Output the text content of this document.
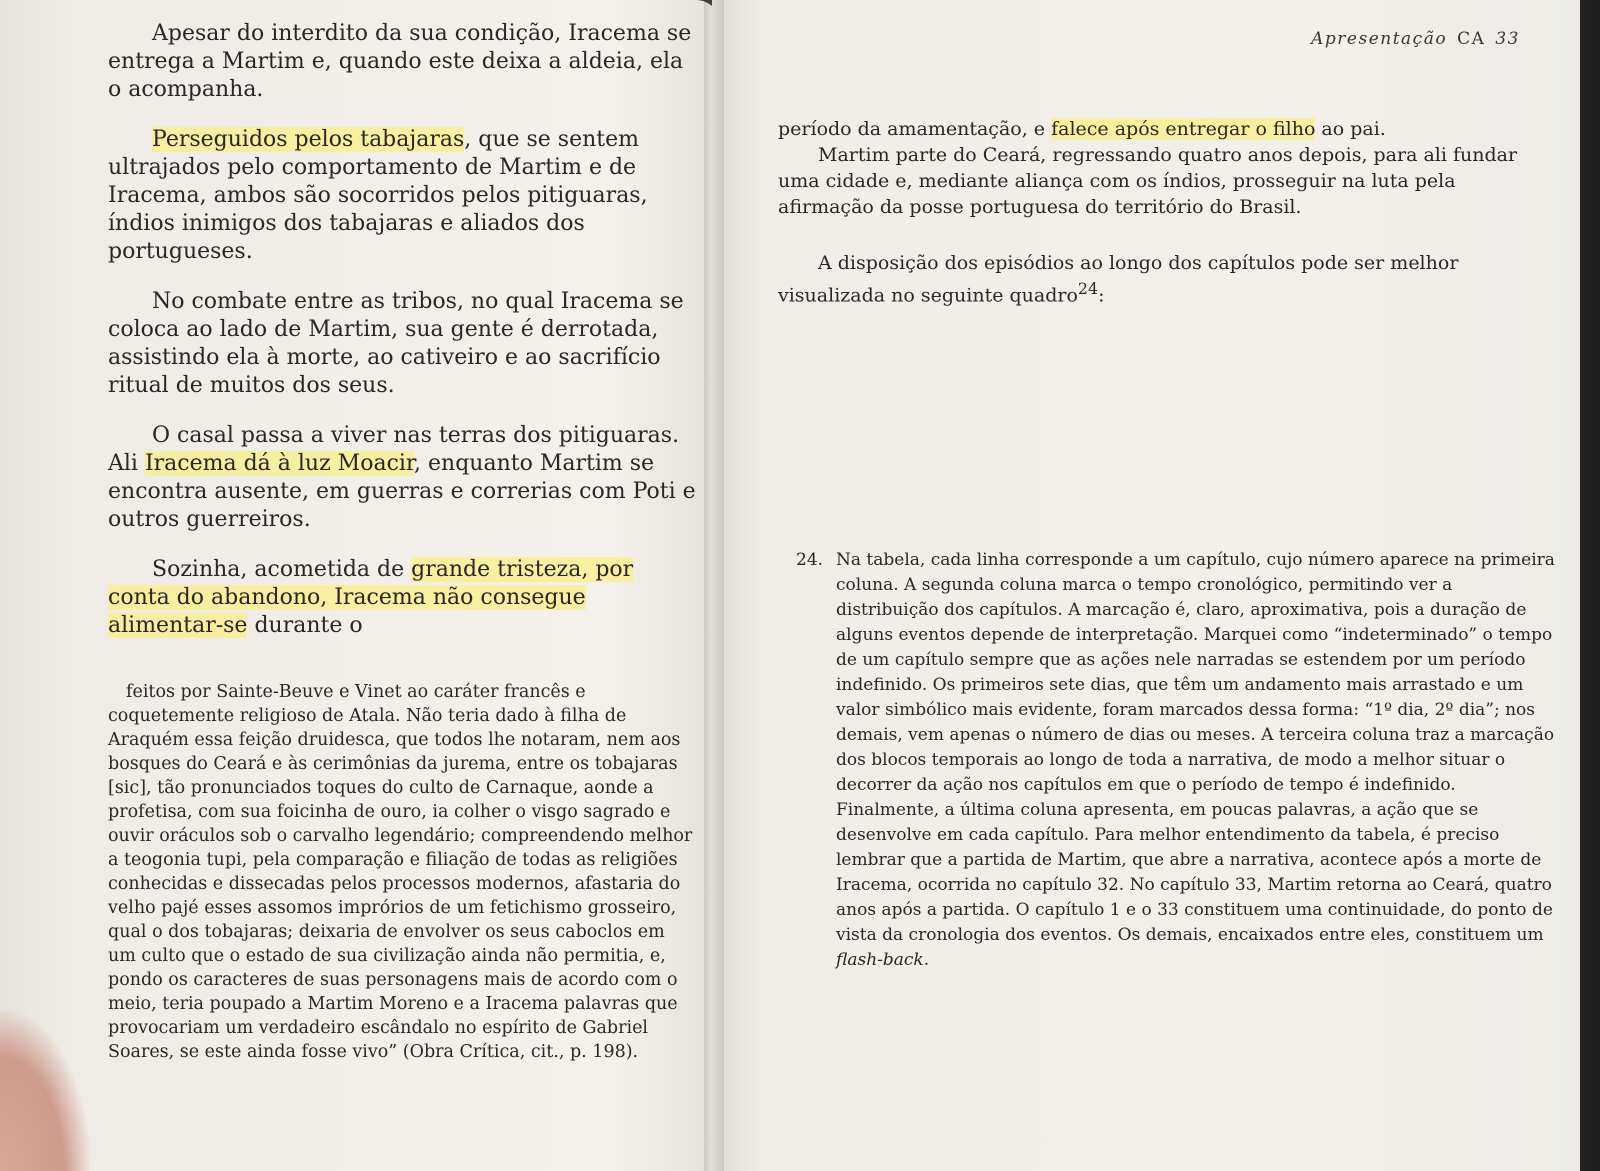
Apesar do interdito da sua condição, Iracema se entrega a Martim e, quando este deixa a aldeia, ela o acompanha.

Perseguidos pelos tabajaras, que se sentem ultrajados pelo comportamento de Martim e de Iracema, ambos são socorridos pelos pitiguaras, índios inimigos dos tabajaras e aliados dos portugueses.

No combate entre as tribos, no qual Iracema se coloca ao lado de Martim, sua gente é derrotada, assistindo ela à morte, ao cativeiro e ao sacrifício ritual de muitos dos seus.

O casal passa a viver nas terras dos pitiguaras. Ali Iracema dá à luz Moacir, enquanto Martim se encontra ausente, em guerras e correrias com Poti e outros guerreiros.

Sozinha, acometida de grande tristeza, por conta do abandono, Iracema não consegue alimentar-se durante o

feitos por Sainte-Beuve e Vinet ao caráter francês e coquetemente religioso de Atala. Não teria dado à filha de Araquém essa feição druidesca, que todos lhe notaram, nem aos bosques do Ceará e às cerimônias da jurema, entre os tobajaras [sic], tão pronunciados toques do culto de Carnaque, aonde a profetisa, com sua foicinha de ouro, ia colher o visgo sagrado e ouvir oráculos sob o carvalho legendário; compreendendo melhor a teogonia tupi, pela comparação e filiação de todas as religiões conhecidas e dissecadas pelos processos modernos, afastaria do velho pajé esses assomos imprórios de um fetichismo grosseiro, qual o dos tobajaras; deixaria de envolver os seus caboclos em um culto que o estado de sua civilização ainda não permitia, e, pondo os caracteres de suas personagens mais de acordo com o meio, teria poupado a Martim Moreno e a Iracema palavras que provocariam um verdadeiro escândalo no espírito de Gabriel Soares, se este ainda fosse vivo” (Obra Crítica, cit., p. 198).

Apresentação CA 33

período da amamentação, e falece após entregar o filho ao pai.

Martim parte do Ceará, regressando quatro anos depois, para ali fundar uma cidade e, mediante aliança com os índios, prosseguir na luta pela afirmação da posse portuguesa do território do Brasil.

A disposição dos episódios ao longo dos capítulos pode ser melhor visualizada no seguinte quadro$^{24}$:

24. Na tabela, cada linha corresponde a um capítulo, cujo número aparece na primeira coluna. A segunda coluna marca o tempo cronológico, permitindo ver a distribuição dos capítulos. A marcação é, claro, aproximativa, pois a duração de alguns eventos depende de interpretação. Marquei como “indeterminado” o tempo de um capítulo sempre que as ações nele narradas se estendem por um período indefinido. Os primeiros sete dias, que têm um andamento mais arrastado e um valor simbólico mais evidente, foram marcados dessa forma: “1º dia, 2º dia”; nos demais, vem apenas o número de dias ou meses. A terceira coluna traz a marcação dos blocos temporais ao longo de toda a narrativa, de modo a melhor situar o decorrer da ação nos capítulos em que o período de tempo é indefinido. Finalmente, a última coluna apresenta, em poucas palavras, a ação que se desenvolve em cada capítulo. Para melhor entendimento da tabela, é preciso lembrar que a partida de Martim, que abre a narrativa, acontece após a morte de Iracema, ocorrida no capítulo 32. No capítulo 33, Martim retorna ao Ceará, quatro anos após a partida. O capítulo 1 e o 33 constituem uma continuidade, do ponto de vista da cronologia dos eventos. Os demais, encaixados entre eles, constituem um flash-back.
